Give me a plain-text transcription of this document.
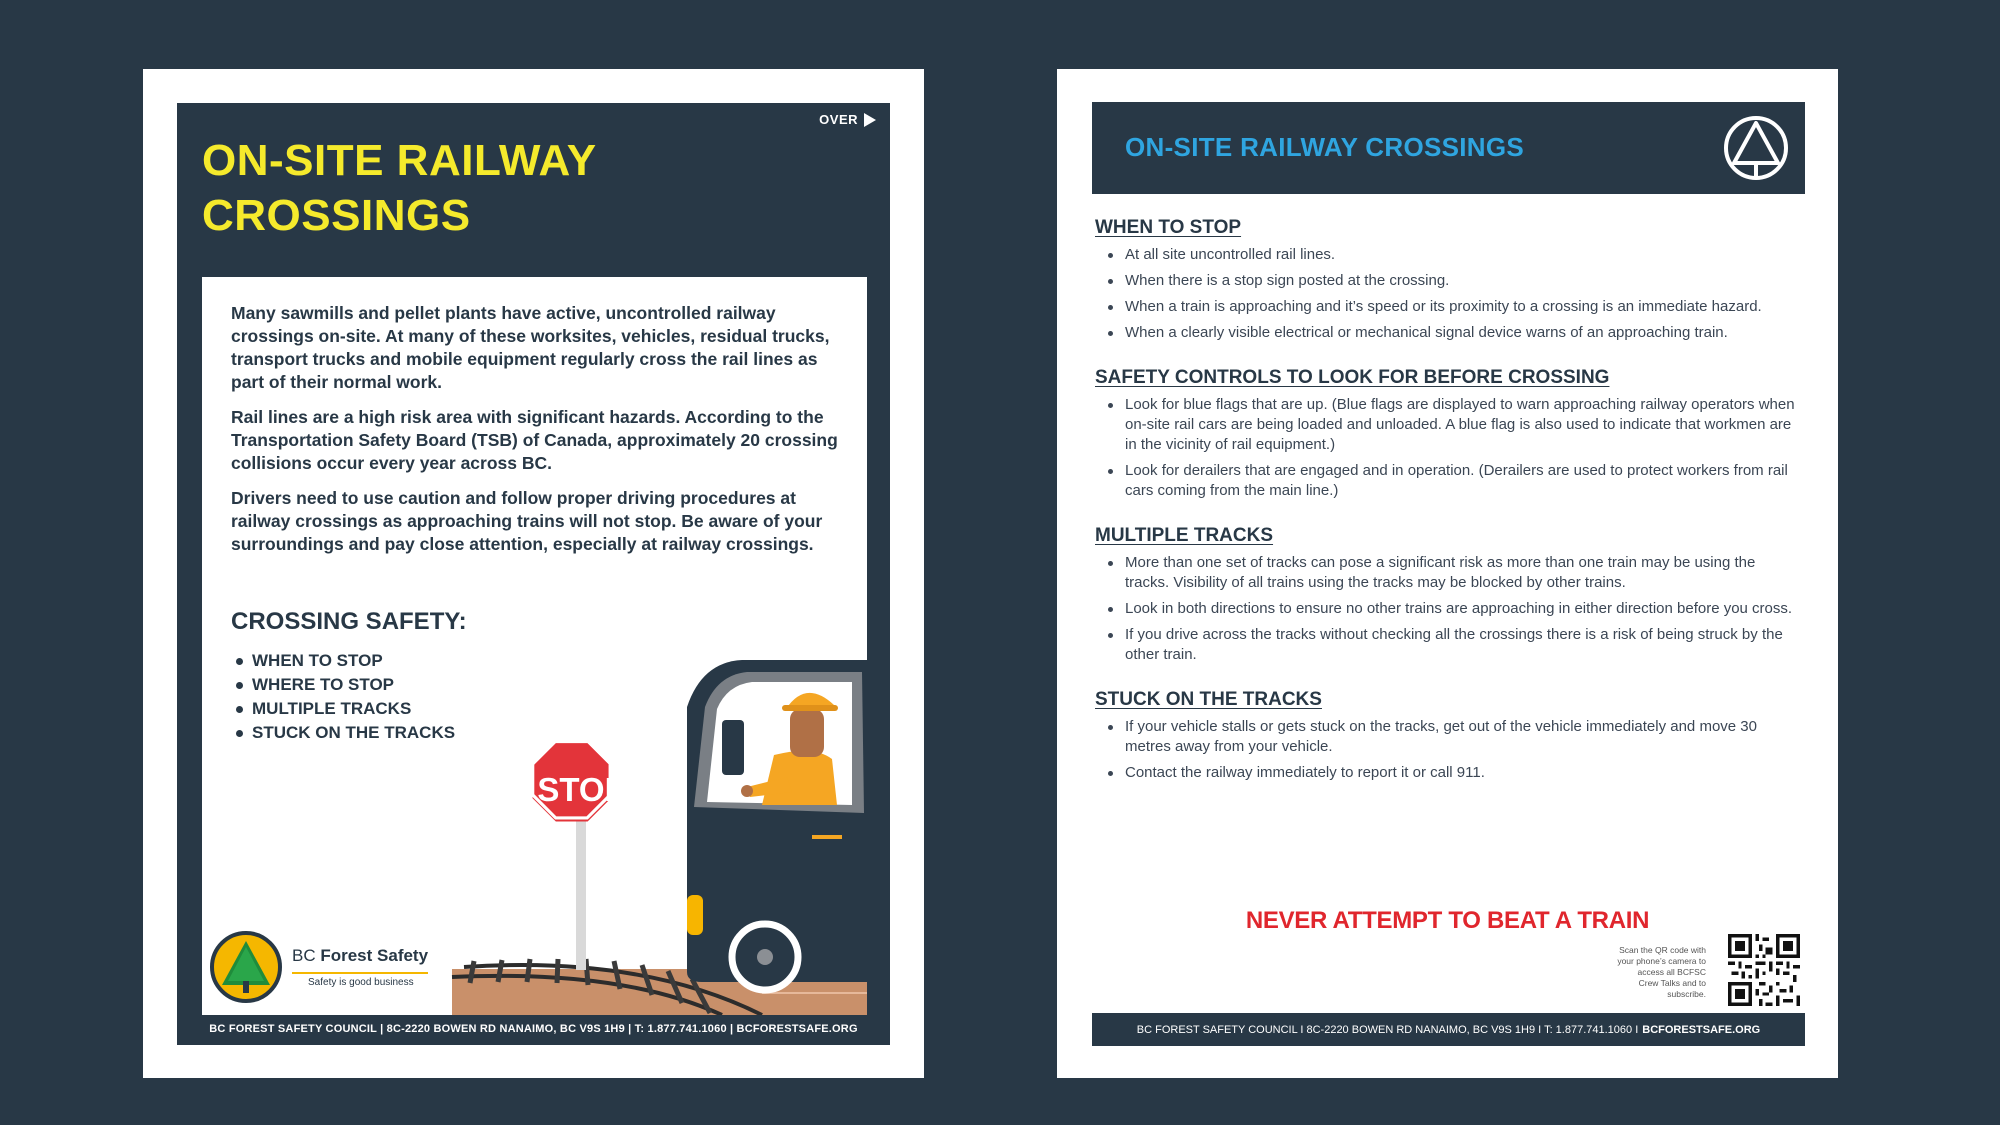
OVER
ON-SITE RAILWAY
CROSSINGS

Many sawmills and pellet plants have active, uncontrolled railway crossings on-site. At many of these worksites, vehicles, residual trucks, transport trucks and mobile equipment regularly cross the rail lines as part of their normal work.

Rail lines are a high risk area with significant hazards. According to the Transportation Safety Board (TSB) of Canada, approximately 20 crossing collisions occur every year across BC.

Drivers need to use caution and follow proper driving procedures at railway crossings as approaching trains will not stop. Be aware of your surroundings and pay close attention, especially at railway crossings.

CROSSING SAFETY:
WHEN TO STOP
WHERE TO STOP
MULTIPLE TRACKS
STUCK ON THE TRACKS
STOP
BC Forest Safety
Safety is good business
BC FOREST SAFETY COUNCIL | 8C-2220 BOWEN RD NANAIMO, BC V9S 1H9 | T: 1.877.741.1060 | BCFORESTSAFE.ORG
ON-SITE RAILWAY CROSSINGS
WHEN TO STOP
At all site uncontrolled rail lines.
When there is a stop sign posted at the crossing.
When a train is approaching and it’s speed or its proximity to a crossing is an immediate hazard.
When a clearly visible electrical or mechanical signal device warns of an approaching train.
SAFETY CONTROLS TO LOOK FOR BEFORE CROSSING
Look for blue flags that are up. (Blue flags are displayed to warn approaching railway operators when on-site rail cars are being loaded and unloaded. A blue flag is also used to indicate that workmen are in the vicinity of rail equipment.)
Look for derailers that are engaged and in operation. (Derailers are used to protect workers from rail cars coming from the main line.)
MULTIPLE TRACKS
More than one set of tracks can pose a significant risk as more than one train may be using the tracks. Visibility of all trains using the tracks may be blocked by other trains.
Look in both directions to ensure no other trains are approaching in either direction before you cross.
If you drive across the tracks without checking all the crossings there is a risk of being struck by the other train.
STUCK ON THE TRACKS
If your vehicle stalls or gets stuck on the tracks, get out of the vehicle immediately and move 30 metres away from your vehicle.
Contact the railway immediately to report it or call 911.
NEVER ATTEMPT TO BEAT A TRAIN
Scan the QR code with your phone’s camera to access all BCFSC Crew Talks and to subscribe.
BC FOREST SAFETY COUNCIL I 8C-2220 BOWEN RD NANAIMO, BC V9S 1H9 I T: 1.877.741.1060 I BCFORESTSAFE.ORG
